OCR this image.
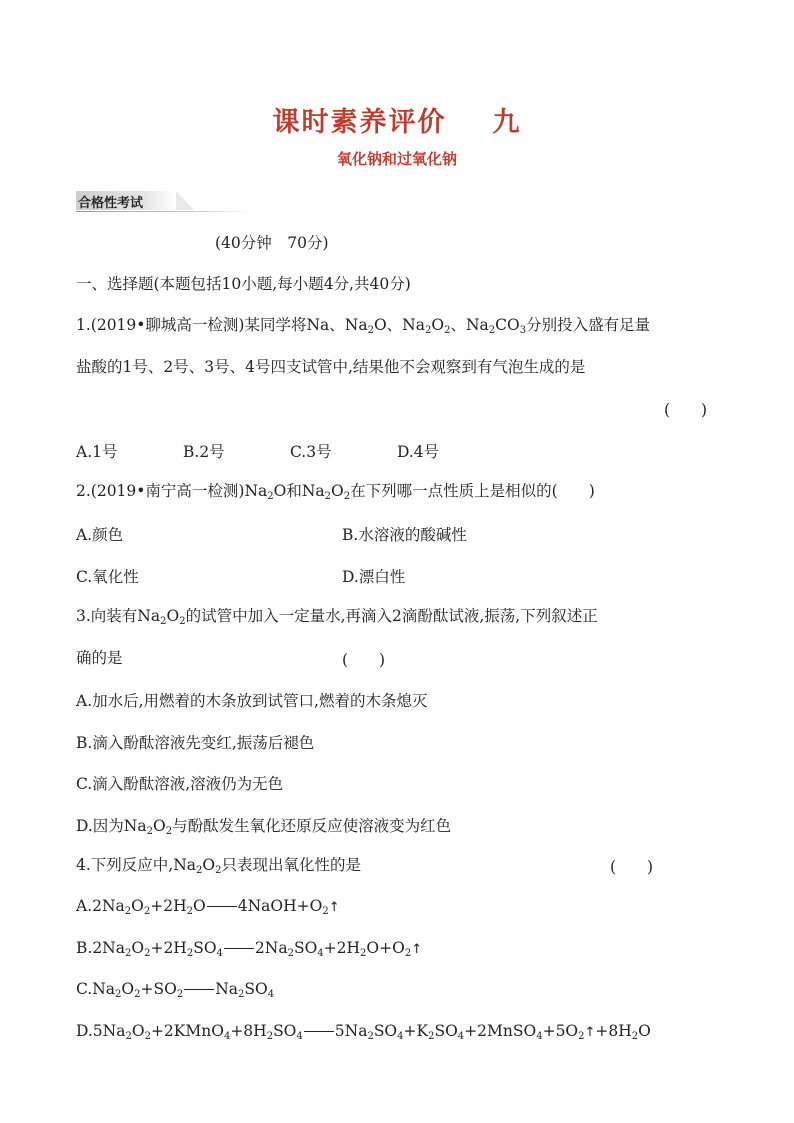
课时素养评价 九
氧化钠和过氧化钠
合格性考试
(40分钟　70分)
一、选择题(本题包括10小题,每小题4分,共40分)
1.(2019•聊城高一检测)某同学将Na、$Na_2O$、$Na_2O_2$、$Na_2CO_3$分别投入盛有足量
盐酸的1号、2号、3号、4号四支试管中,结果他不会观察到有气泡生成的是
(　　)
A.1号	B.2号	C.3号	D.4号
2.(2019•南宁高一检测)$Na_2O$和$Na_2O_2$在下列哪一点性质上是相似的(　　)
A.颜色	B.水溶液的酸碱性
C.氧化性	D.漂白性
3.向装有$Na_2O_2$的试管中加入一定量水,再滴入2滴酚酞试液,振荡,下列叙述正
确的是	(　　)
A.加水后,用燃着的木条放到试管口,燃着的木条熄灭
B.滴入酚酞溶液先变红,振荡后褪色
C.滴入酚酞溶液,溶液仍为无色
D.因为$Na_2O_2$与酚酞发生氧化还原反应使溶液变为红色
4.下列反应中$,Na_2O_2$只表现出氧化性的是	(　　)
$A.2Na_2O_2+2H_2O$ $4NaOH+O_2↑$
$B.2Na_2O_2+2H_2SO_4$ $2Na_2SO_4+2H_2O+O_2↑$
$C.Na_2O_2+SO_2$ $Na_2SO_4$
$D.5Na_2O_2+2KMnO_4+8H_2SO_4$ $5Na_2SO_4+K_2SO_4+2MnSO_4+5O_2↑+8H_2O$
